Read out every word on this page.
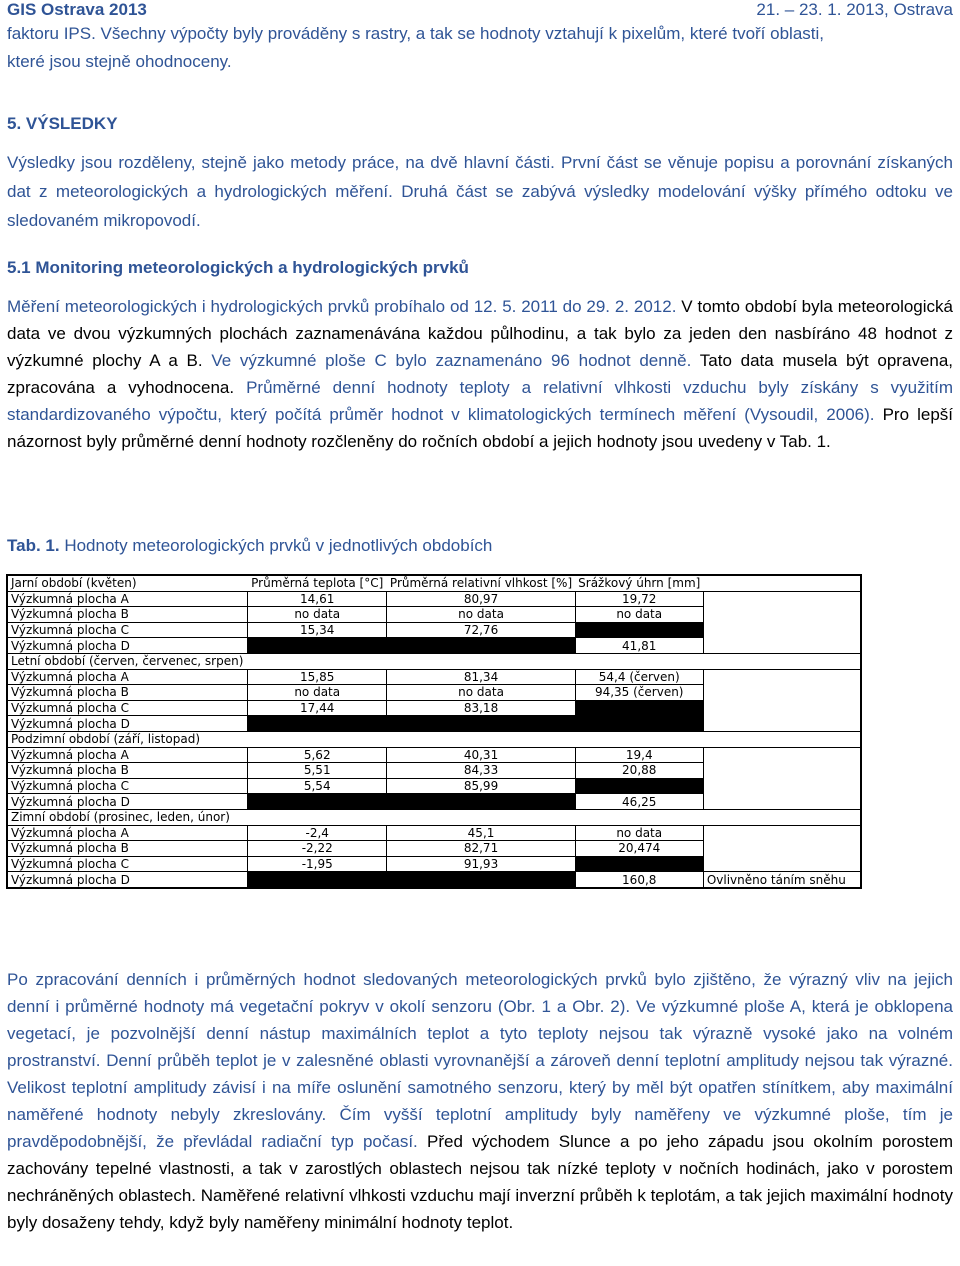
GIS Ostrava 2013	21. – 23. 1. 2013, Ostrava
faktoru IPS. Všechny výpočty byly prováděny s rastry, a tak se hodnoty vztahují k pixelům, které tvoří oblasti,
které jsou stejně ohodnoceny.
5. VÝSLEDKY
Výsledky jsou rozděleny, stejně jako metody práce, na dvě hlavní části. První část se věnuje popisu a porovnání získaných dat z meteorologických a hydrologických měření. Druhá část se zabývá výsledky modelování výšky přímého odtoku ve sledovaném mikropovodí.
5.1 Monitoring meteorologických a hydrologických prvků
Měření meteorologických i hydrologických prvků probíhalo od 12. 5. 2011 do 29. 2. 2012. V tomto období byla meteorologická data ve dvou výzkumných plochách zaznamenávána každou půlhodinu, a tak bylo za jeden den nasbíráno 48 hodnot z výzkumné plochy A a B. Ve výzkumné ploše C bylo zaznamenáno 96 hodnot denně. Tato data musela být opravena, zpracována a vyhodnocena. Průměrné denní hodnoty teploty a relativní vlhkosti vzduchu byly získány s využitím standardizovaného výpočtu, který počítá průměr hodnot v klimatologických termínech měření (Vysoudil, 2006). Pro lepší názornost byly průměrné denní hodnoty rozčleněny do ročních období a jejich hodnoty jsou uvedeny v Tab. 1.
Tab. 1. Hodnoty meteorologických prvků v jednotlivých obdobích
Jarní období (květen)	Průměrná teplota [°C]	Průměrná relativní vlhkost [%]	Srážkový úhrn [mm]	
Výzkumná plocha A	14,61	80,97	19,72	
Výzkumná plocha B	no data	no data	no data	
Výzkumná plocha C	15,34	72,76		
Výzkumná plocha D			41,81	
Letní období (červen, červenec, srpen)				
Výzkumná plocha A	15,85	81,34	54,4 (červen)	
Výzkumná plocha B	no data	no data	94,35 (červen)	
Výzkumná plocha C	17,44	83,18		
Výzkumná plocha D				
Podzimní období (září, listopad)				
Výzkumná plocha A	5,62	40,31	19,4	
Výzkumná plocha B	5,51	84,33	20,88	
Výzkumná plocha C	5,54	85,99		
Výzkumná plocha D			46,25	
Zimní období (prosinec, leden, únor)				
Výzkumná plocha A	-2,4	45,1	no data	
Výzkumná plocha B	-2,22	82,71	20,474	
Výzkumná plocha C	-1,95	91,93		
Výzkumná plocha D			160,8	Ovlivněno táním sněhu
Po zpracování denních i průměrných hodnot sledovaných meteorologických prvků bylo zjištěno, že výrazný vliv na jejich denní i průměrné hodnoty má vegetační pokryv v okolí senzoru (Obr. 1 a Obr. 2). Ve výzkumné ploše A, která je obklopena vegetací, je pozvolnější denní nástup maximálních teplot a tyto teploty nejsou tak výrazně vysoké jako na volném prostranství. Denní průběh teplot je v zalesněné oblasti vyrovnanější a zároveň denní teplotní amplitudy nejsou tak výrazné. Velikost teplotní amplitudy závisí i na míře oslunění samotného senzoru, který by měl být opatřen stínítkem, aby maximální naměřené hodnoty nebyly zkreslovány. Čím vyšší teplotní amplitudy byly naměřeny ve výzkumné ploše, tím je pravděpodobnější, že převládal radiační typ počasí. Před východem Slunce a po jeho západu jsou okolním porostem zachovány tepelné vlastnosti, a tak v zarostlých oblastech nejsou tak nízké teploty v nočních hodinách, jako v porostem nechráněných oblastech. Naměřené relativní vlhkosti vzduchu mají inverzní průběh k teplotám, a tak jejich maximální hodnoty byly dosaženy tehdy, když byly naměřeny minimální hodnoty teplot.
